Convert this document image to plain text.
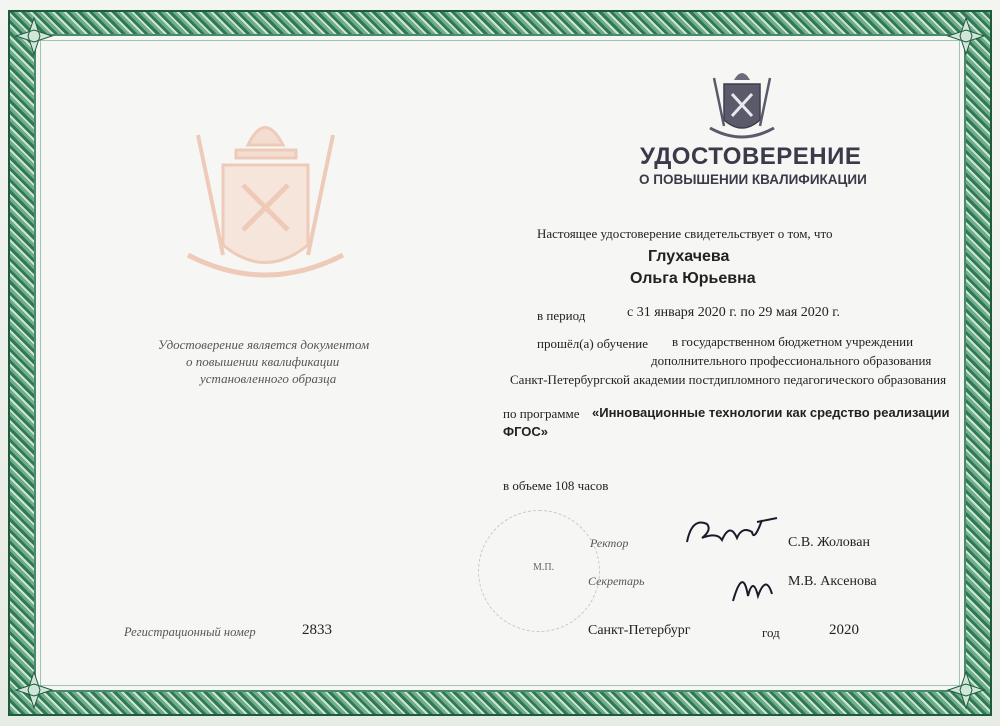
УДОСТОВЕРЕНИЕ
О ПОВЫШЕНИИ КВАЛИФИКАЦИИ
Удостоверение является документом
о повышении квалификации
установленного образца
Настоящее удостоверение свидетельствует о том, что
Глухачева
Ольга Юрьевна
в период	с 31 января 2020 г. по 29 мая 2020 г.
прошёл(а) обучение в государственном бюджетном учреждении
дополнительного профессионального образования
Санкт-Петербургской академии постдипломного педагогического образования
по программе «Инновационные технологии как средство реализации
ФГОС»
в объеме 108 часов
М.П.
Ректор	С.В. Жолован
Секретарь	М.В. Аксенова
Регистрационный номер	2833	Санкт-Петербург	год	2020
